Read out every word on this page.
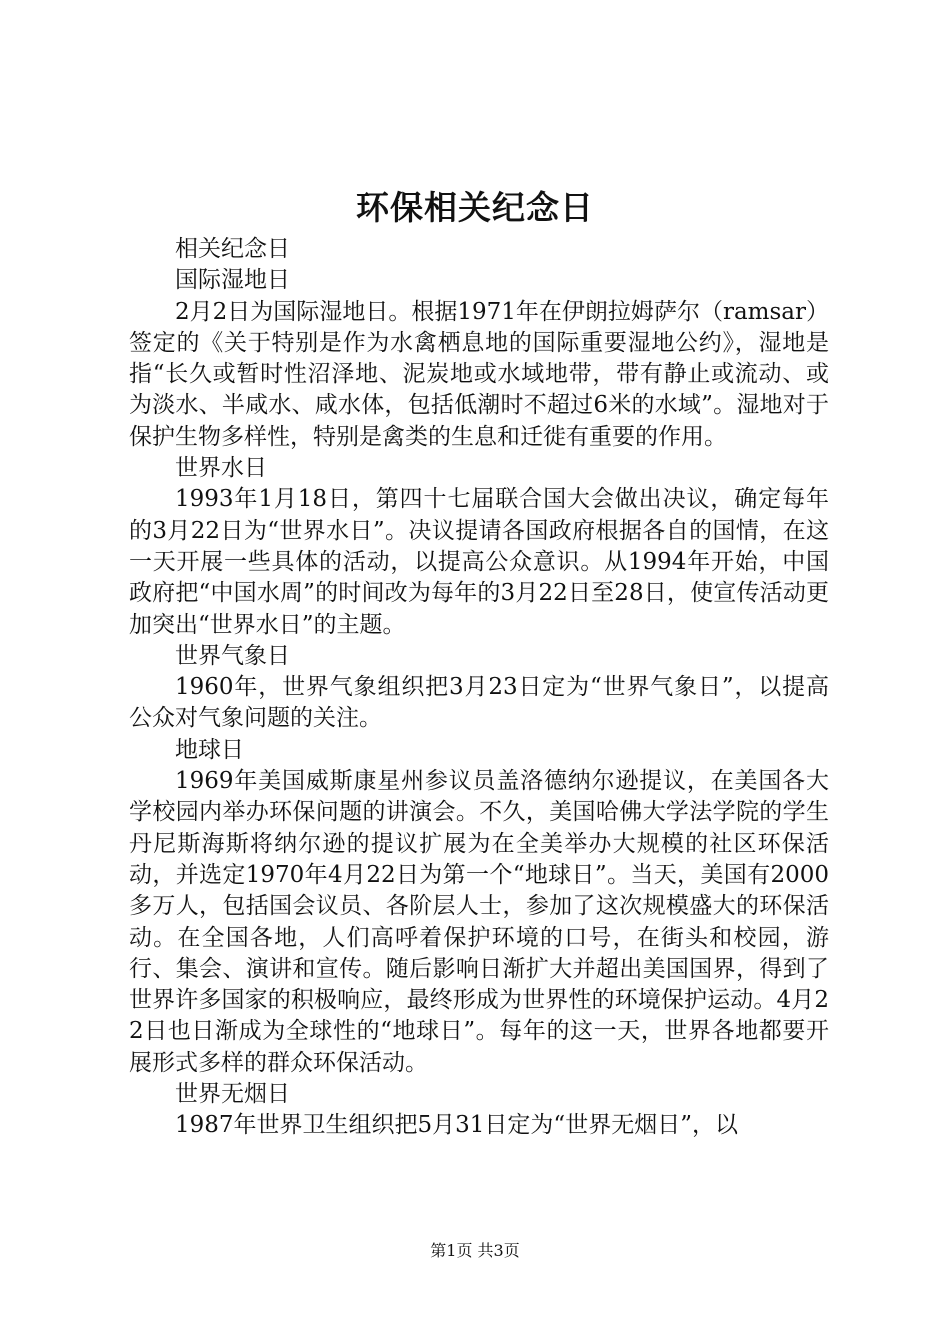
环保相关纪念日

相关纪念日

国际湿地日

2月2日为国际湿地日。根据1971年在伊朗拉姆萨尔（ramsar）签定的《关于特别是作为水禽栖息地的国际重要湿地公约》，湿地是指“长久或暂时性沼泽地、泥炭地或水域地带，带有静止或流动、或为淡水、半咸水、咸水体，包括低潮时不超过6米的水域”。湿地对于保护生物多样性，特别是禽类的生息和迁徙有重要的作用。

世界水日

1993年1月18日，第四十七届联合国大会做出决议，确定每年的3月22日为“世界水日”。决议提请各国政府根据各自的国情，在这一天开展一些具体的活动，以提高公众意识。从1994年开始，中国政府把“中国水周”的时间改为每年的3月22日至28日，使宣传活动更加突出“世界水日”的主题。

世界气象日

1960年，世界气象组织把3月23日定为“世界气象日”，以提高公众对气象问题的关注。

地球日

1969年美国威斯康星州参议员盖洛德纳尔逊提议，在美国各大学校园内举办环保问题的讲演会。不久，美国哈佛大学法学院的学生丹尼斯海斯将纳尔逊的提议扩展为在全美举办大规模的社区环保活动，并选定1970年4月22日为第一个“地球日”。当天，美国有2000多万人，包括国会议员、各阶层人士，参加了这次规模盛大的环保活动。在全国各地，人们高呼着保护环境的口号，在街头和校园，游行、集会、演讲和宣传。随后影响日渐扩大并超出美国国界，得到了世界许多国家的积极响应，最终形成为世界性的环境保护运动。4月22日也日渐成为全球性的“地球日”。每年的这一天，世界各地都要开展形式多样的群众环保活动。

世界无烟日

1987年世界卫生组织把5月31日定为“世界无烟日”，以

第1页 共3页
